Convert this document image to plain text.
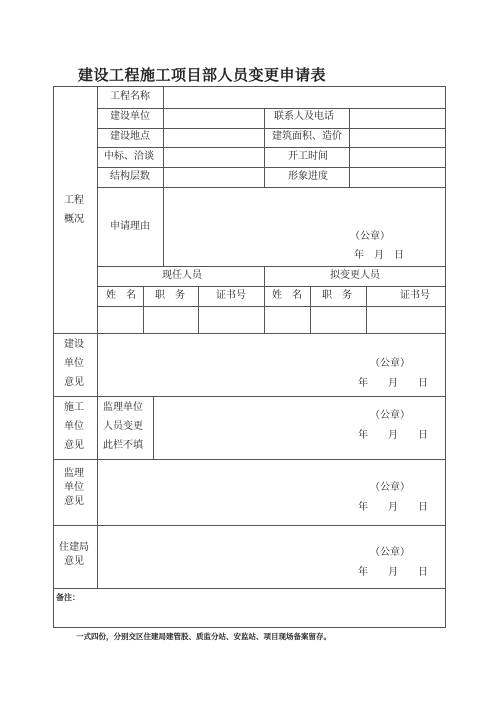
建设工程施工项目部人员变更申请表
工程
概况
工程名称
建设单位	联系人及电话
建设地点	建筑面积、造价
中标、洽谈	开工时间
结构层数	形象进度
申请理由
（公章）
年　月　日
现任人员	拟变更人员
姓　名 职　务	证书号	姓　名 职　务	证书号
建设
单位
意见
（公章）
年　　月　　日
施工
单位
意见
监理单位
人员变更
此栏不填
（公章）
年　　月　　日
监理
单位
意见
（公章）
年　　月　　日
住建局
意见
（公章）
年　　月　　日
备注：
一式四份，分别交区住建局建管股、质监分站、安监站、项目现场备案留存。
